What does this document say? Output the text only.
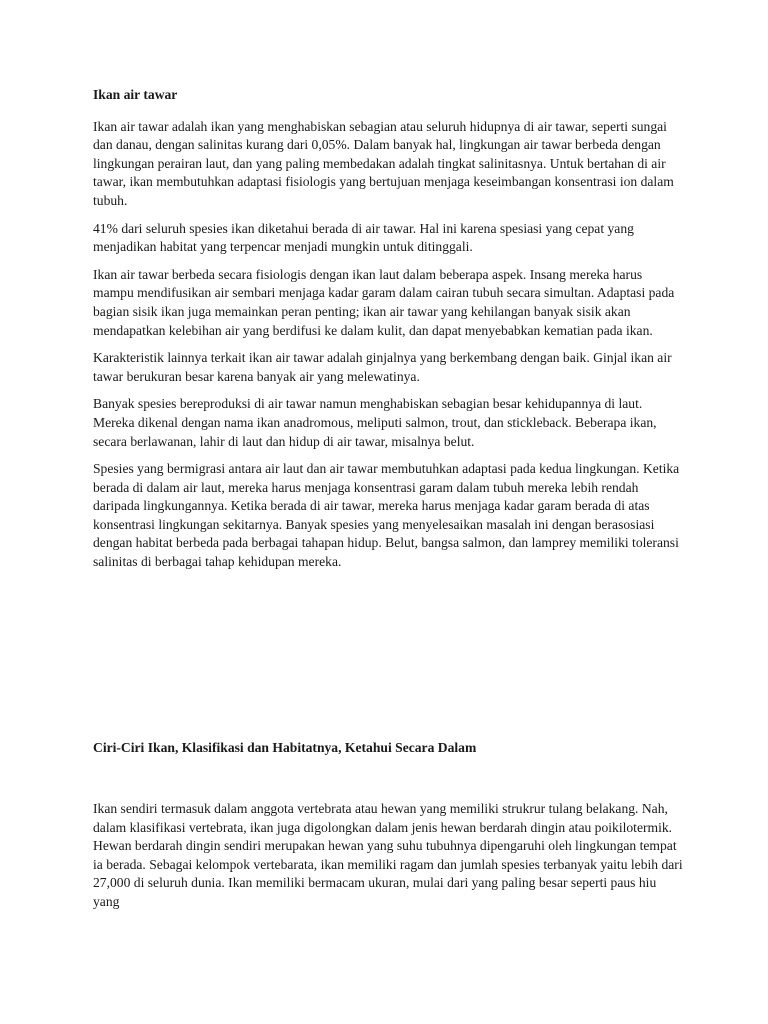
Ikan air tawar

Ikan air tawar adalah ikan yang menghabiskan sebagian atau seluruh hidupnya di air tawar, seperti sungai dan danau, dengan salinitas kurang dari 0,05%. Dalam banyak hal, lingkungan air tawar berbeda dengan lingkungan perairan laut, dan yang paling membedakan adalah tingkat salinitasnya. Untuk bertahan di air tawar, ikan membutuhkan adaptasi fisiologis yang bertujuan menjaga keseimbangan konsentrasi ion dalam tubuh.

41% dari seluruh spesies ikan diketahui berada di air tawar. Hal ini karena spesiasi yang cepat yang menjadikan habitat yang terpencar menjadi mungkin untuk ditinggali.

Ikan air tawar berbeda secara fisiologis dengan ikan laut dalam beberapa aspek. Insang mereka harus mampu mendifusikan air sembari menjaga kadar garam dalam cairan tubuh secara simultan. Adaptasi pada bagian sisik ikan juga memainkan peran penting; ikan air tawar yang kehilangan banyak sisik akan mendapatkan kelebihan air yang berdifusi ke dalam kulit, dan dapat menyebabkan kematian pada ikan.

Karakteristik lainnya terkait ikan air tawar adalah ginjalnya yang berkembang dengan baik. Ginjal ikan air tawar berukuran besar karena banyak air yang melewatinya.

Banyak spesies bereproduksi di air tawar namun menghabiskan sebagian besar kehidupannya di laut. Mereka dikenal dengan nama ikan anadromous, meliputi salmon, trout, dan stickleback. Beberapa ikan, secara berlawanan, lahir di laut dan hidup di air tawar, misalnya belut.

Spesies yang bermigrasi antara air laut dan air tawar membutuhkan adaptasi pada kedua lingkungan. Ketika berada di dalam air laut, mereka harus menjaga konsentrasi garam dalam tubuh mereka lebih rendah daripada lingkungannya. Ketika berada di air tawar, mereka harus menjaga kadar garam berada di atas konsentrasi lingkungan sekitarnya. Banyak spesies yang menyelesaikan masalah ini dengan berasosiasi dengan habitat berbeda pada berbagai tahapan hidup. Belut, bangsa salmon, dan lamprey memiliki toleransi salinitas di berbagai tahap kehidupan mereka.

Ciri-Ciri Ikan, Klasifikasi dan Habitatnya, Ketahui Secara Dalam

Ikan sendiri termasuk dalam anggota vertebrata atau hewan yang memiliki strukrur tulang belakang. Nah, dalam klasifikasi vertebrata, ikan juga digolongkan dalam jenis hewan berdarah dingin atau poikilotermik. Hewan berdarah dingin sendiri merupakan hewan yang suhu tubuhnya dipengaruhi oleh lingkungan tempat ia berada. Sebagai kelompok vertebarata, ikan memiliki ragam dan jumlah spesies terbanyak yaitu lebih dari 27,000 di seluruh dunia. Ikan memiliki bermacam ukuran, mulai dari yang paling besar seperti paus hiu yang
